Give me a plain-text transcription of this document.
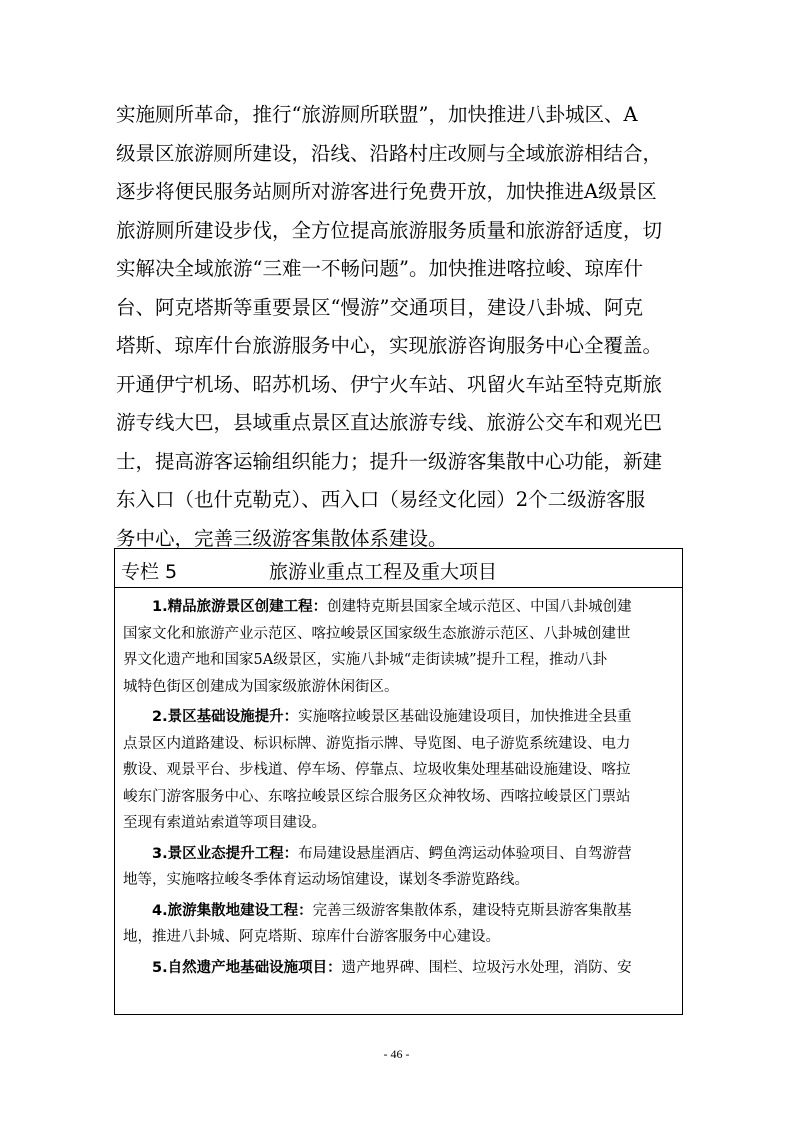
实施厕所革命，推行“旅游厕所联盟”，加快推进八卦城区、A
级景区旅游厕所建设，沿线、沿路村庄改厕与全域旅游相结合，
逐步将便民服务站厕所对游客进行免费开放，加快推进A级景区
旅游厕所建设步伐，全方位提高旅游服务质量和旅游舒适度，切
实解决全域旅游“三难一不畅问题”。加快推进喀拉峻、琼库什
台、阿克塔斯等重要景区“慢游”交通项目，建设八卦城、阿克
塔斯、琼库什台旅游服务中心，实现旅游咨询服务中心全覆盖。
开通伊宁机场、昭苏机场、伊宁火车站、巩留火车站至特克斯旅
游专线大巴，县域重点景区直达旅游专线、旅游公交车和观光巴
士，提高游客运输组织能力；提升一级游客集散中心功能，新建
东入口（也什克勒克）、西入口（易经文化园）2个二级游客服
务中心，完善三级游客集散体系建设。
专栏 5	旅游业重点工程及重大项目
1.精品旅游景区创建工程：创建特克斯县国家全域示范区、中国八卦城创建
国家文化和旅游产业示范区、喀拉峻景区国家级生态旅游示范区、八卦城创建世
界文化遗产地和国家5A级景区，实施八卦城“走街读城”提升工程，推动八卦
城特色街区创建成为国家级旅游休闲街区。
2.景区基础设施提升：实施喀拉峻景区基础设施建设项目，加快推进全县重
点景区内道路建设、标识标牌、游览指示牌、导览图、电子游览系统建设、电力
敷设、观景平台、步栈道、停车场、停靠点、垃圾收集处理基础设施建设、喀拉
峻东门游客服务中心、东喀拉峻景区综合服务区众神牧场、西喀拉峻景区门票站
至现有索道站索道等项目建设。
3.景区业态提升工程：布局建设悬崖酒店、鳄鱼湾运动体验项目、自驾游营
地等，实施喀拉峻冬季体育运动场馆建设，谋划冬季游览路线。
4.旅游集散地建设工程：完善三级游客集散体系，建设特克斯县游客集散基
地，推进八卦城、阿克塔斯、琼库什台游客服务中心建设。
5.自然遗产地基础设施项目：遗产地界碑、围栏、垃圾污水处理，消防、安
- 46 -
